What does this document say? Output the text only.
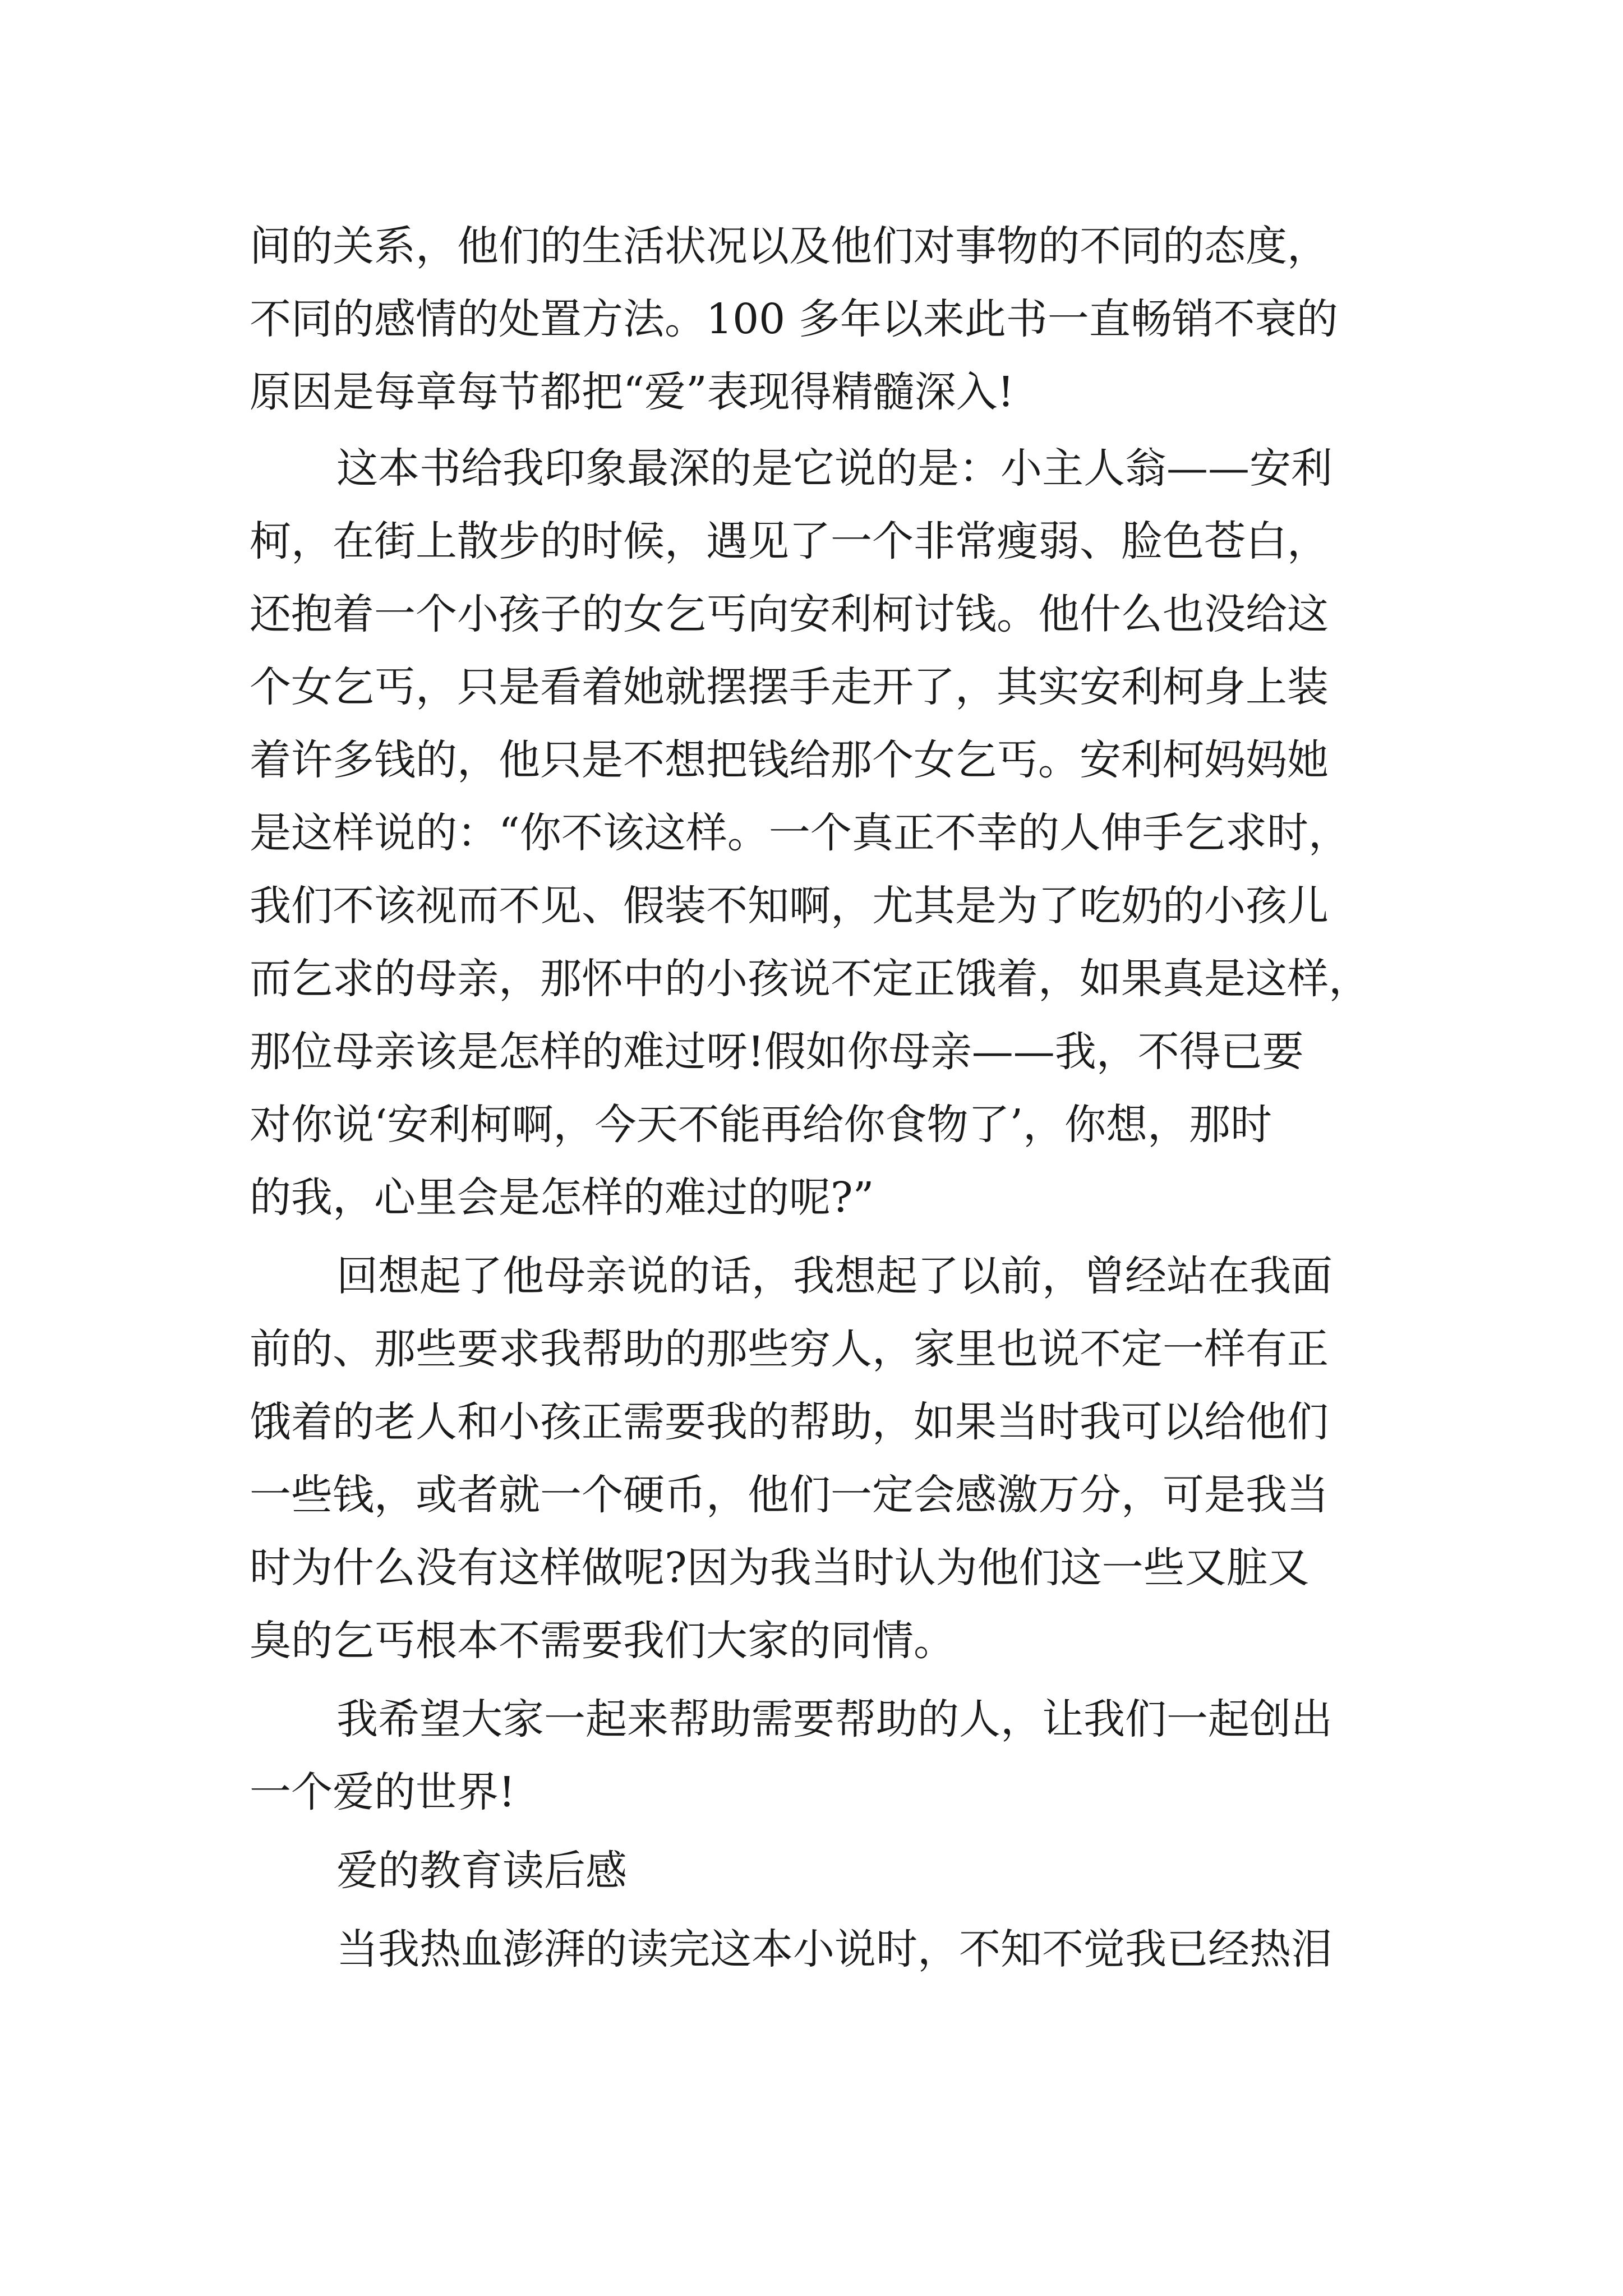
间的关系，他们的生活状况以及他们对事物的不同的态度，

不同的感情的处置方法。100 多年以来此书一直畅销不衰的

原因是每章每节都把“爱”表现得精髓深入!

这本书给我印象最深的是它说的是：小主人翁——安利

柯，在街上散步的时候，遇见了一个非常瘦弱、脸色苍白，

还抱着一个小孩子的女乞丐向安利柯讨钱。他什么也没给这

个女乞丐，只是看着她就摆摆手走开了，其实安利柯身上装

着许多钱的，他只是不想把钱给那个女乞丐。安利柯妈妈她

是这样说的：“你不该这样。一个真正不幸的人伸手乞求时，

我们不该视而不见、假装不知啊，尤其是为了吃奶的小孩儿

而乞求的母亲，那怀中的小孩说不定正饿着，如果真是这样，

那位母亲该是怎样的难过呀!假如你母亲——我，不得已要

对你说‘安利柯啊，今天不能再给你食物了’，你想，那时

的我，心里会是怎样的难过的呢?”

回想起了他母亲说的话，我想起了以前，曾经站在我面

前的、那些要求我帮助的那些穷人，家里也说不定一样有正

饿着的老人和小孩正需要我的帮助，如果当时我可以给他们

一些钱，或者就一个硬币，他们一定会感激万分，可是我当

时为什么没有这样做呢?因为我当时认为他们这一些又脏又

臭的乞丐根本不需要我们大家的同情。

我希望大家一起来帮助需要帮助的人，让我们一起创出

一个爱的世界!

爱的教育读后感

当我热血澎湃的读完这本小说时，不知不觉我已经热泪
